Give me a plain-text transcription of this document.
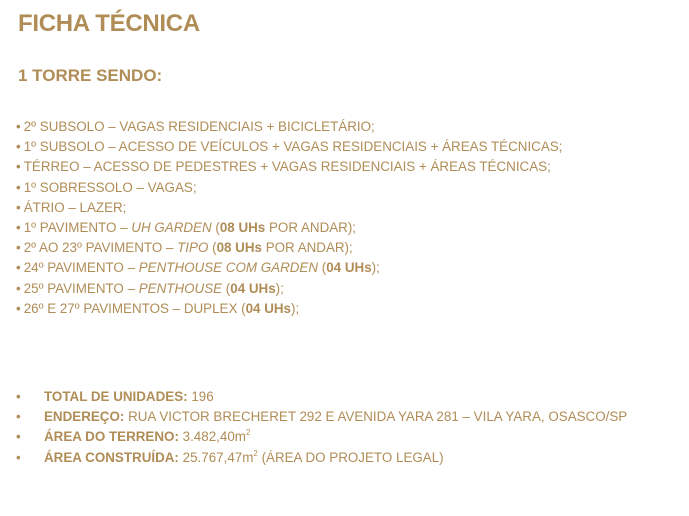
FICHA TÉCNICA
1 TORRE SENDO:
• 2º SUBSOLO – VAGAS RESIDENCIAIS + BICICLETÁRIO;
• 1º SUBSOLO – ACESSO DE VEÍCULOS + VAGAS RESIDENCIAIS + ÁREAS TÉCNICAS;
• TÉRREO – ACESSO DE PEDESTRES + VAGAS RESIDENCIAIS + ÁREAS TÉCNICAS;
• 1º SOBRESSOLO – VAGAS;
• ÁTRIO – LAZER;
• 1º PAVIMENTO – UH GARDEN (08 UHs POR ANDAR);
• 2º AO 23º PAVIMENTO – TIPO (08 UHs POR ANDAR);
• 24º PAVIMENTO – PENTHOUSE COM GARDEN (04 UHs);
• 25º PAVIMENTO – PENTHOUSE (04 UHs);
• 26º E 27º PAVIMENTOS – DUPLEX (04 UHs);
• TOTAL DE UNIDADES: 196
• ENDEREÇO: RUA VICTOR BRECHERET 292 E AVENIDA YARA 281 – VILA YARA, OSASCO/SP
• ÁREA DO TERRENO: $3.482,40m^2$
• ÁREA CONSTRUÍDA: $25.767,47m^2$ (ÁREA DO PROJETO LEGAL)
